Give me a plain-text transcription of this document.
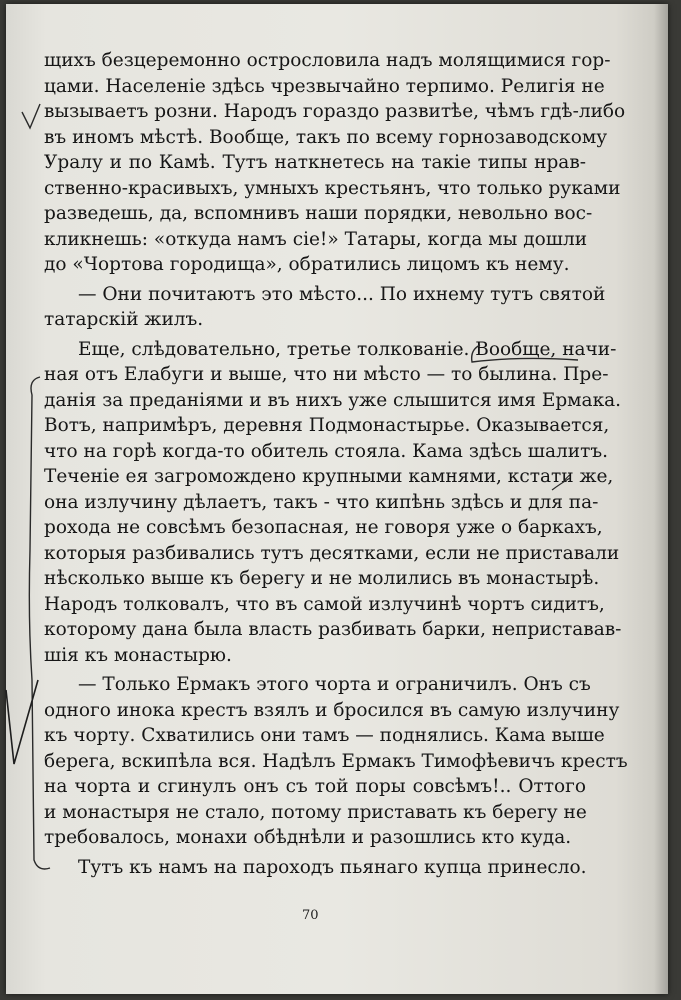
щихъ безцеремонно острословила надъ молящимися гор-
цами. Населеніе здѣсь чрезвычайно терпимо. Религія не
вызываетъ розни. Народъ гораздо развитѣе, чѣмъ гдѣ-либо
въ иномъ мѣстѣ. Вообще, такъ по всему горнозаводскому
Уралу и по Камѣ. Тутъ наткнетесь на такіе типы нрав-
ственно-красивыхъ, умныхъ крестьянъ, что только руками
разведешь, да, вспомнивъ наши порядки, невольно вос-
кликнешь: «откуда намъ сіе!» Татары, когда мы дошли
до «Чортова городища», обратились лицомъ къ нему.
— Они почитаютъ это мѣсто... По ихнему тутъ святой
татарскій жилъ.
Еще, слѣдовательно, третье толкованіе. Вообще, начи-
ная отъ Елабуги и выше, что ни мѣсто — то былина. Пре-
данія за преданіями и въ нихъ уже слышится имя Ермака.
Вотъ, напримѣръ, деревня Подмонастырье. Оказывается,
что на горѣ когда-то обитель стояла. Кама здѣсь шалитъ.
Теченіе ея загромождено крупными камнями, кстати же,
она излучину дѣлаетъ, такъ - что кипѣнь здѣсь и для па-
рохода не совсѣмъ безопасная, не говоря уже о баркахъ,
которыя разбивались тутъ десятками, если не приставали
нѣсколько выше къ берегу и не молились въ монастырѣ.
Народъ толковалъ, что въ самой излучинѣ чортъ сидитъ,
которому дана была власть разбивать барки, неприставав-
шія къ монастырю.
— Только Ермакъ этого чорта и ограничилъ. Онъ съ
одного инока крестъ взялъ и бросился въ самую излучину
къ чорту. Схватились они тамъ — поднялись. Кама выше
берега, вскипѣла вся. Надѣлъ Ермакъ Тимофѣевичъ крестъ
на чорта и сгинулъ онъ съ той поры совсѣмъ!.. Оттого
и монастыря не стало, потому приставать къ берегу не
требовалось, монахи обѣднѣли и разошлись кто куда.
Тутъ къ намъ на пароходъ пьянаго купца принесло.
70
